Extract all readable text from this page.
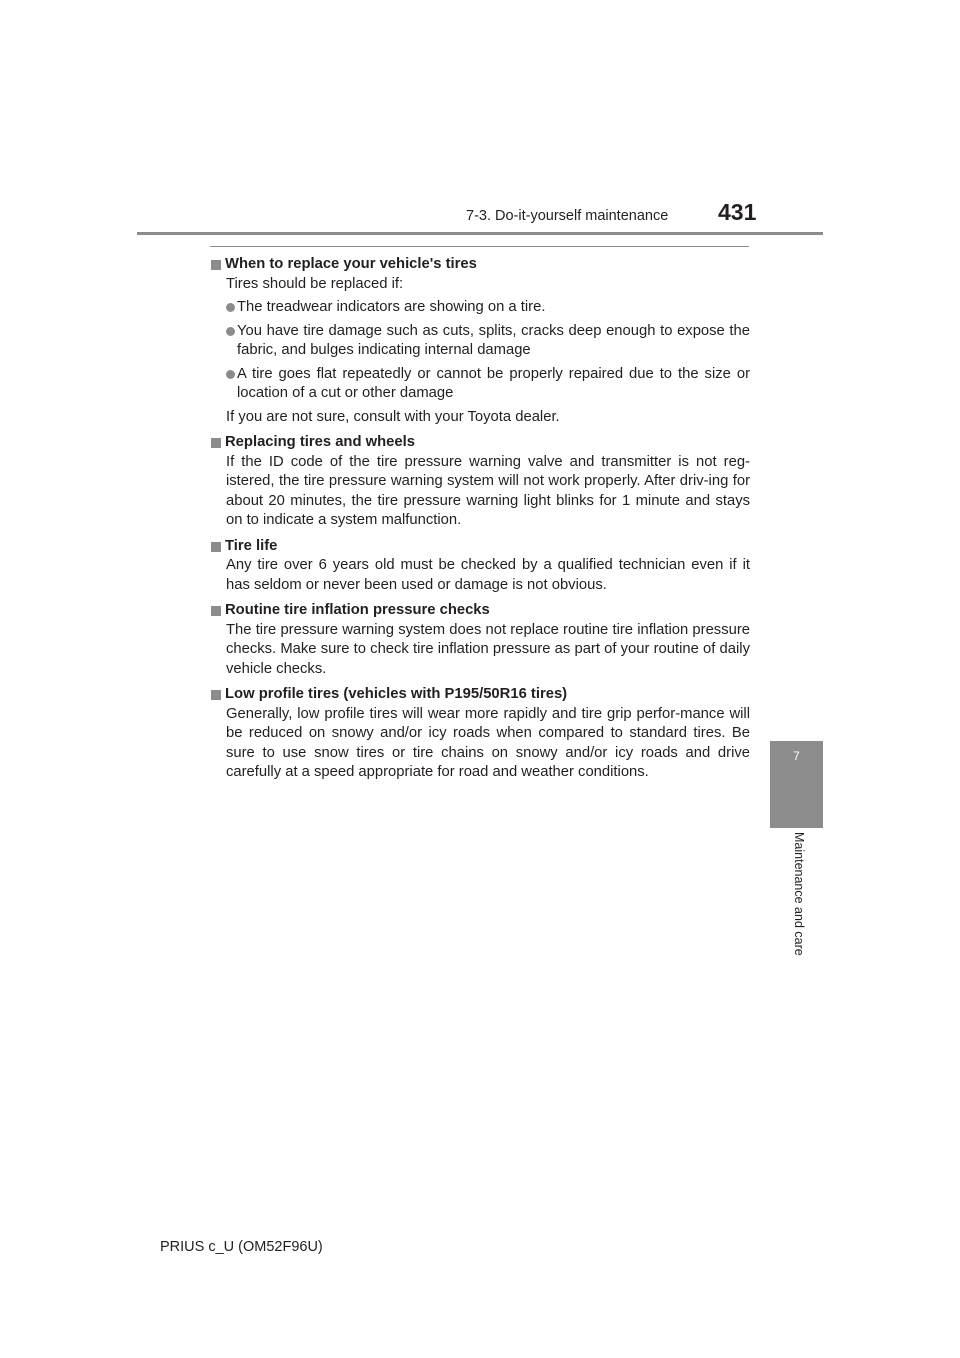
7-3. Do-it-yourself maintenance 431
When to replace your vehicle's tires
Tires should be replaced if:
The treadwear indicators are showing on a tire.
You have tire damage such as cuts, splits, cracks deep enough to expose the fabric, and bulges indicating internal damage
A tire goes flat repeatedly or cannot be properly repaired due to the size or location of a cut or other damage
If you are not sure, consult with your Toyota dealer.
Replacing tires and wheels
If the ID code of the tire pressure warning valve and transmitter is not reg-istered, the tire pressure warning system will not work properly. After driv-ing for about 20 minutes, the tire pressure warning light blinks for 1 minute and stays on to indicate a system malfunction.
Tire life
Any tire over 6 years old must be checked by a qualified technician even if it has seldom or never been used or damage is not obvious.
Routine tire inflation pressure checks
The tire pressure warning system does not replace routine tire inflation pressure checks. Make sure to check tire inflation pressure as part of your routine of daily vehicle checks.
Low profile tires (vehicles with P195/50R16 tires)
Generally, low profile tires will wear more rapidly and tire grip perfor-mance will be reduced on snowy and/or icy roads when compared to standard tires. Be sure to use snow tires or tire chains on snowy and/or icy roads and drive carefully at a speed appropriate for road and weather conditions.
7
Maintenance and care
PRIUS c_U (OM52F96U)
